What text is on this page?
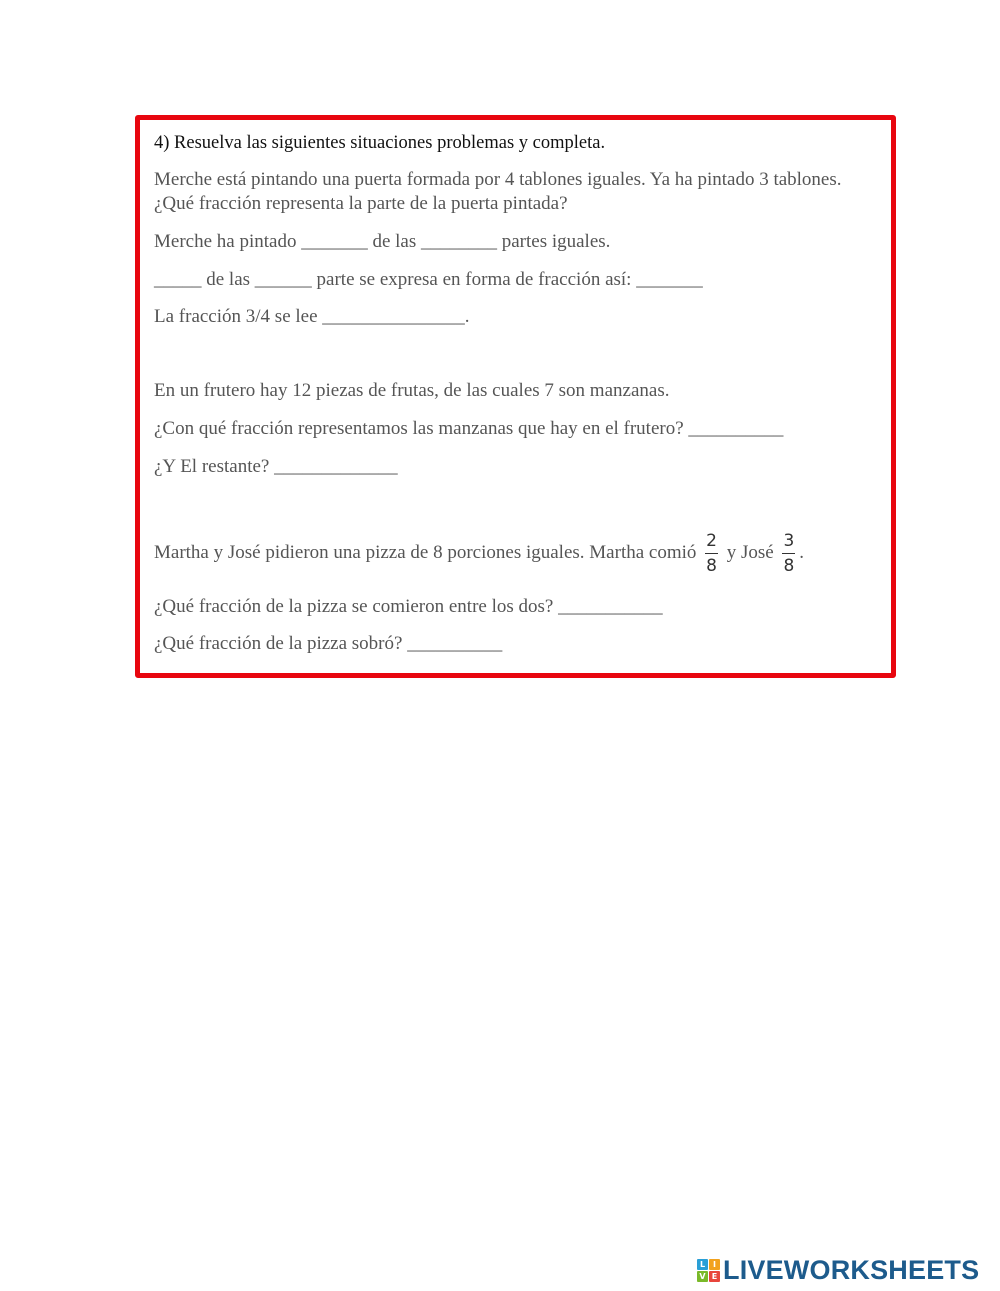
4) Resuelva las siguientes situaciones problemas y completa.
Merche está pintando una puerta formada por 4 tablones iguales. Ya ha pintado 3 tablones.
¿Qué fracción representa la parte de la puerta pintada?
Merche ha pintado _______ de las ________ partes iguales.
_____ de las ______ parte se expresa en forma de fracción así: _______
La fracción 3/4 se lee _______________.
En un frutero hay 12 piezas de frutas, de las cuales 7 son manzanas.
¿Con qué fracción representamos las manzanas que hay en el frutero? __________
¿Y El restante? _____________
Martha y José pidieron una pizza de 8 porciones iguales. Martha comió $\frac{2}{8}$ y José $\frac{3}{8}$ .
¿Qué fracción de la pizza se comieron entre los dos? ___________
¿Qué fracción de la pizza sobró? __________
L I
V E LIVEWORKSHEETS
